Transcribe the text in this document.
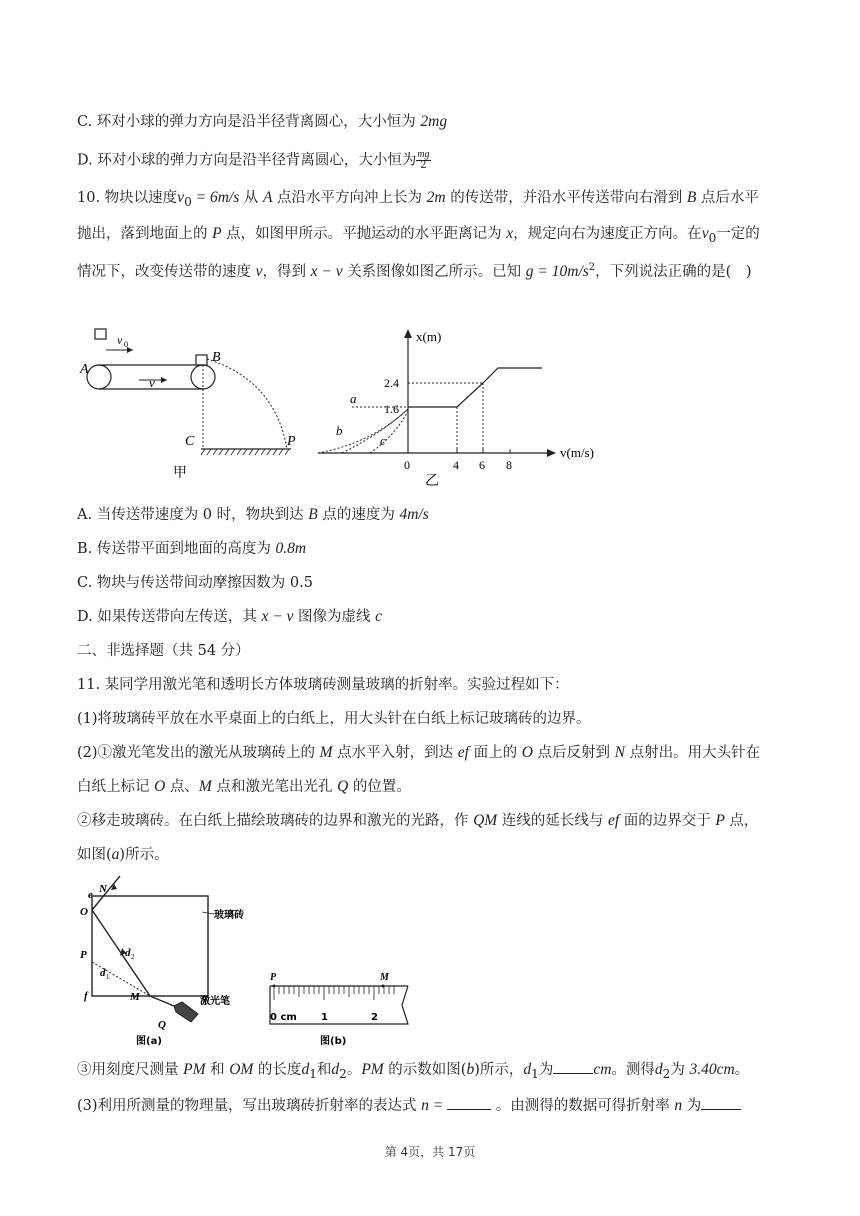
C. 环对小球的弹力方向是沿半径背离圆心，大小恒为 2mg
D. 环对小球的弹力方向是沿半径背离圆心，大小恒为 $\frac{mg}{2}$
10. 物块以速度$v_0 = 6m/s$ 从 A 点沿水平方向冲上长为 2m 的传送带，并沿水平传送带向右滑到 B 点后水平
抛出，落到地面上的 P 点，如图甲所示。平抛运动的水平距离记为 x，规定向右为速度正方向。在$v_0$一定的
情况下，改变传送带的速度 v，得到 x − v 关系图像如图乙所示。已知 $g = 10m/s^2$，下列说法正确的是(　)
A
v 0
v
B
C	P
甲
x(m)
v(m/s)
2.4
1.6
0	4 6 8
a
b
c
乙
A. 当传送带速度为 0 时，物块到达 B 点的速度为 4m/s
B. 传送带平面到地面的高度为 0.8m
C. 物块与传送带间动摩擦因数为 0.5
D. 如果传送带向左传送，其 x − v 图像为虚线 c
二、非选择题（共 54 分）
11. 某同学用激光笔和透明长方体玻璃砖测量玻璃的折射率。实验过程如下：
(1)将玻璃砖平放在水平桌面上的白纸上，用大头针在白纸上标记玻璃砖的边界。
(2)①激光笔发出的激光从玻璃砖上的 M 点水平入射，到达 ef 面上的 O 点后反射到 N 点射出。用大头针在
白纸上标记 O 点、M 点和激光笔出光孔 Q 的位置。
②移走玻璃砖。在白纸上描绘玻璃砖的边界和激光的光路，作 QM 连线的延长线与 ef 面的边界交于 P 点，
如图(a)所示。
e N
O
P
f	M
Q
d 1
d 2
玻璃砖
激光笔
图(a)
P	M
0 cm 1	2
图(b)
③用刻度尺测量 PM 和 OM 的长度$d_1$和$d_2$。PM 的示数如图(b)所示，$d_1$为	cm。测得$d_2$为 3.40cm。
(3)利用所测量的物理量，写出玻璃砖折射率的表达式 n =	。由测得的数据可得折射率 n 为
第 4页，共 17页
